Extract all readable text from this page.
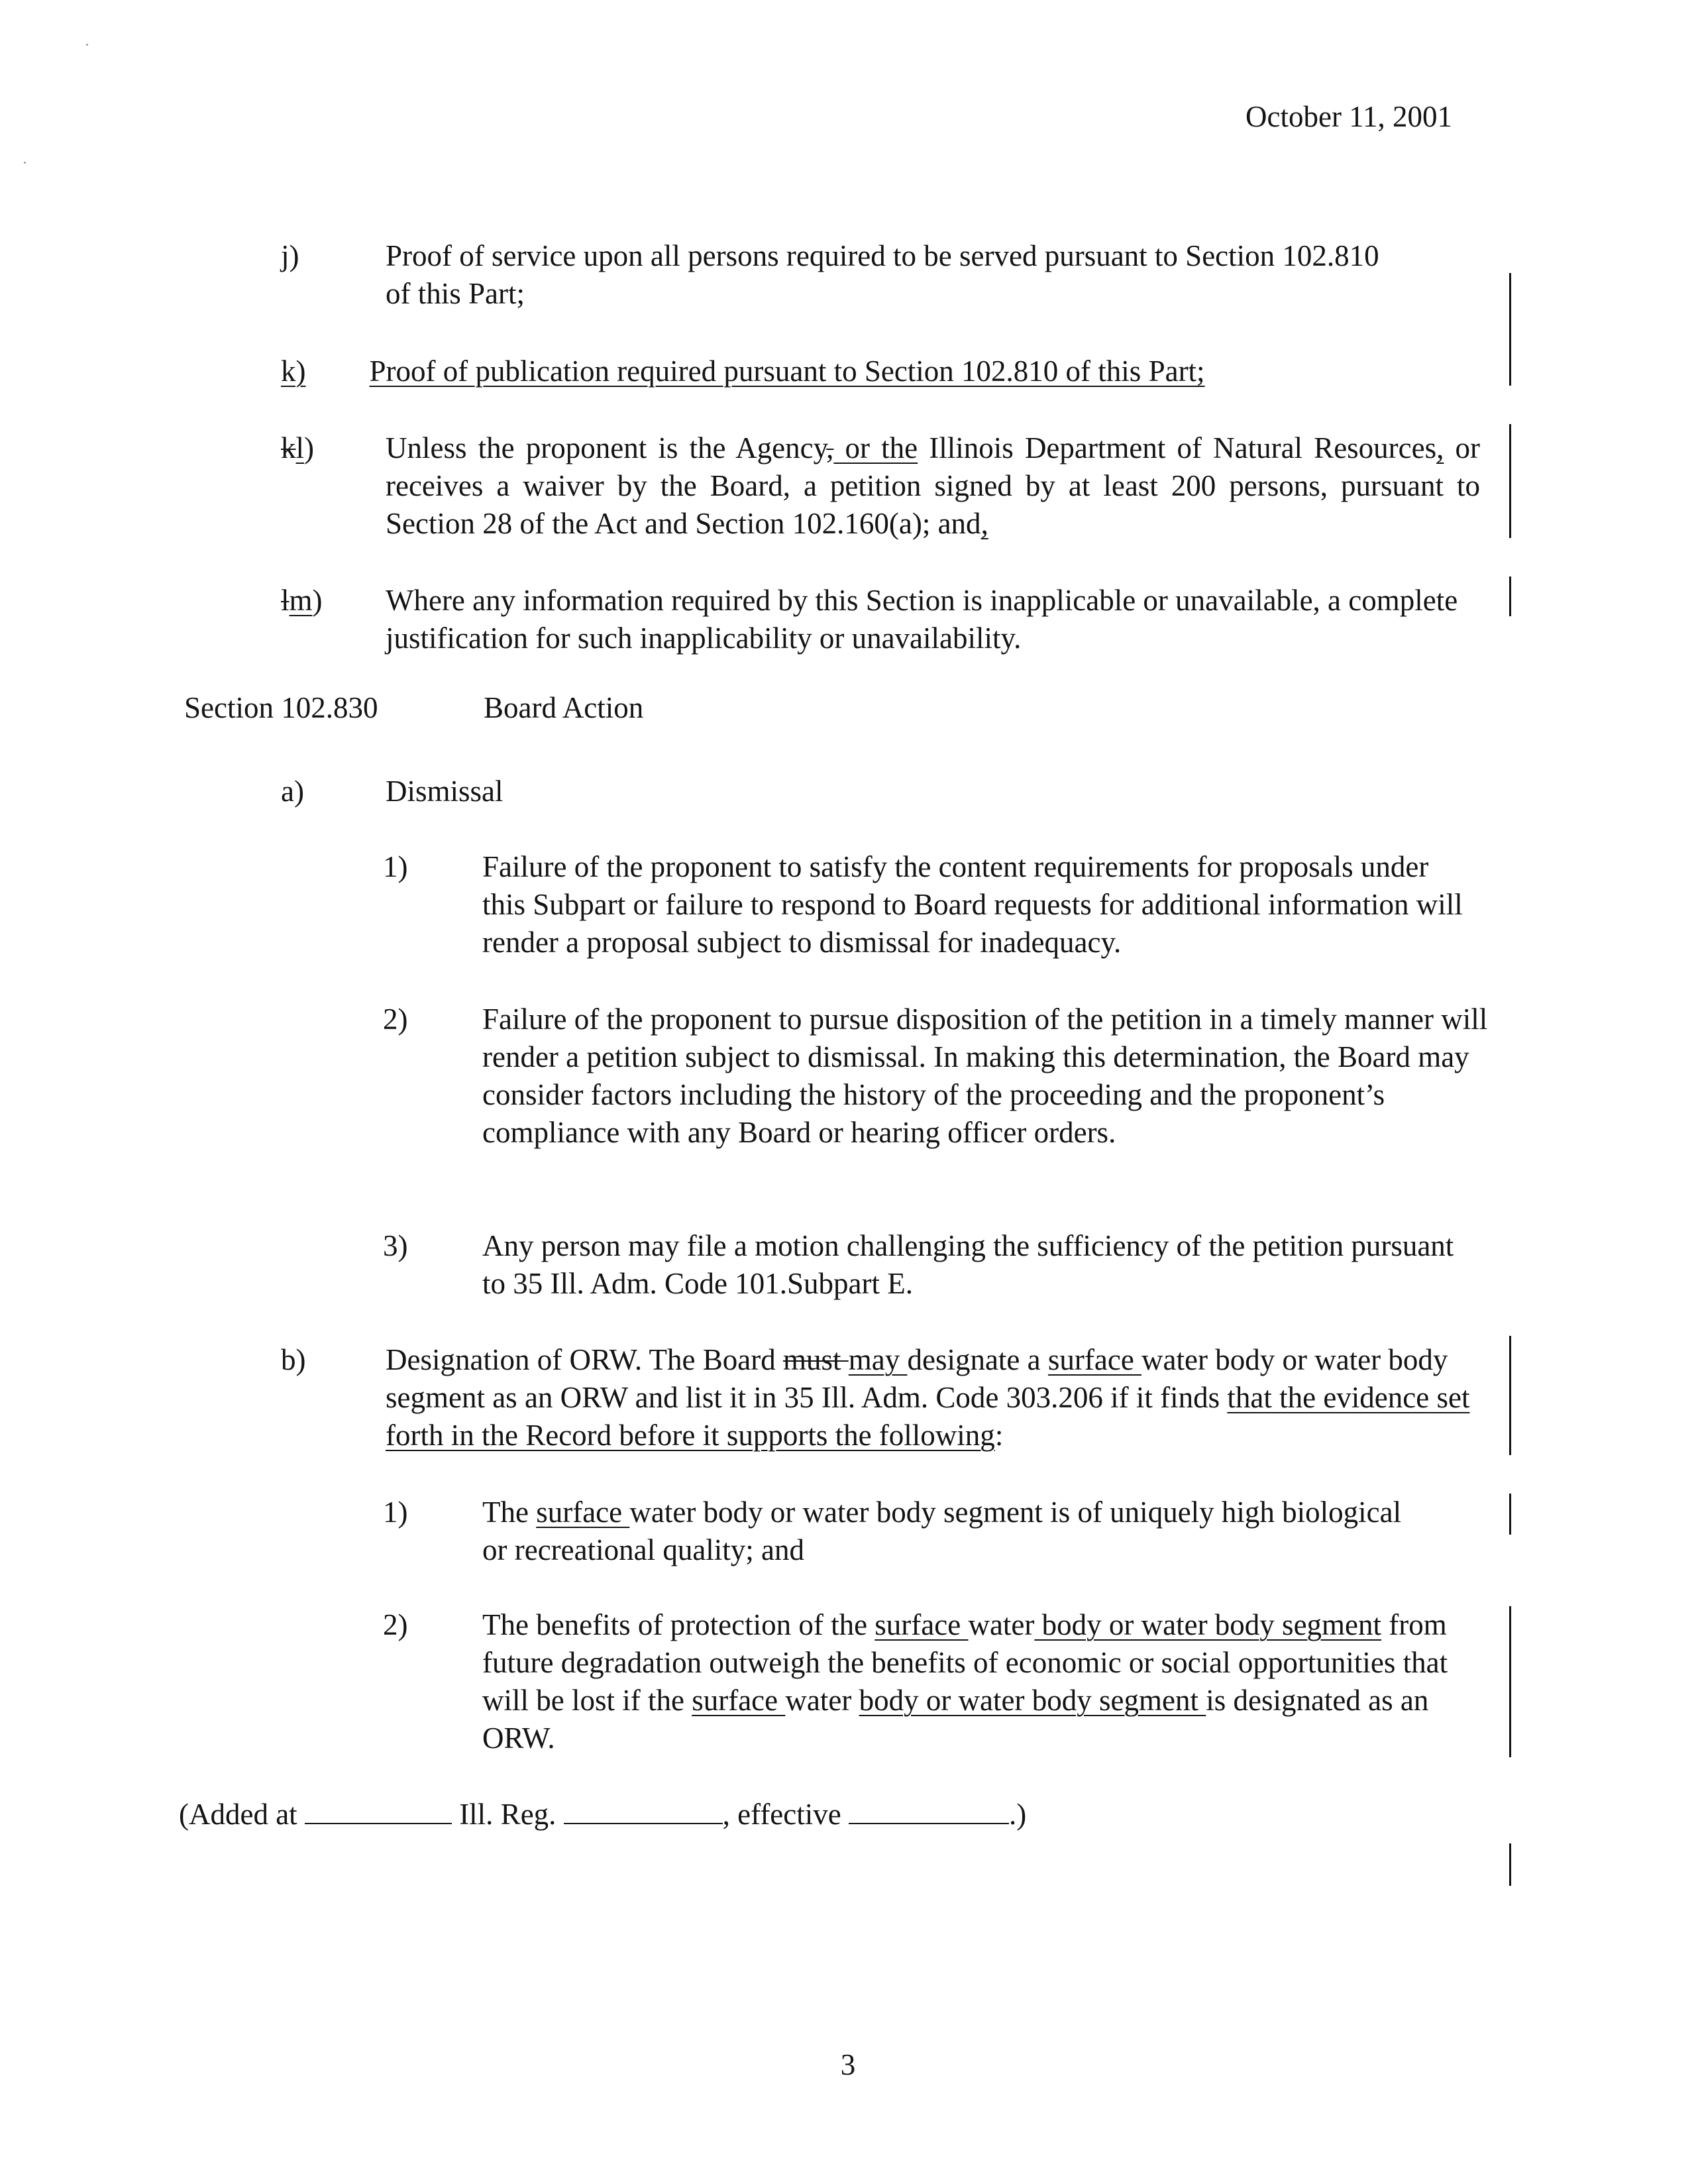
October 11, 2001
j)	Proof of service upon all persons required to be served pursuant to Section 102.810 of this Part;
k) Proof of publication required pursuant to Section 102.810 of this Part;
kl) Unless the proponent is the Agency, or the Illinois Department of Natural Resources, or receives a waiver by the Board, a petition signed by at least 200 persons, pursuant to Section 28 of the Act and Section 102.160(a); and,
lm) Where any information required by this Section is inapplicable or unavailable, a complete justification for such inapplicability or unavailability.
Section 102.830	Board Action
a)	Dismissal
1)	Failure of the proponent to satisfy the content requirements for proposals under this Subpart or failure to respond to Board requests for additional information will render a proposal subject to dismissal for inadequacy.
2)	Failure of the proponent to pursue disposition of the petition in a timely manner will render a petition subject to dismissal. In making this determination, the Board may consider factors including the history of the proceeding and the proponent’s compliance with any Board or hearing officer orders.
3)	Any person may file a motion challenging the sufficiency of the petition pursuant to 35 Ill. Adm. Code 101.Subpart E.
b)	Designation of ORW. The Board must may designate a surface water body or water body segment as an ORW and list it in 35 Ill. Adm. Code 303.206 if it finds that the evidence set forth in the Record before it supports the following:
1)	The surface water body or water body segment is of uniquely high biological or recreational quality; and
2)	The benefits of protection of the surface water body or water body segment from future degradation outweigh the benefits of economic or social opportunities that will be lost if the surface water body or water body segment is designated as an ORW.
(Added at	Ill. Reg.	, effective	.)
3
